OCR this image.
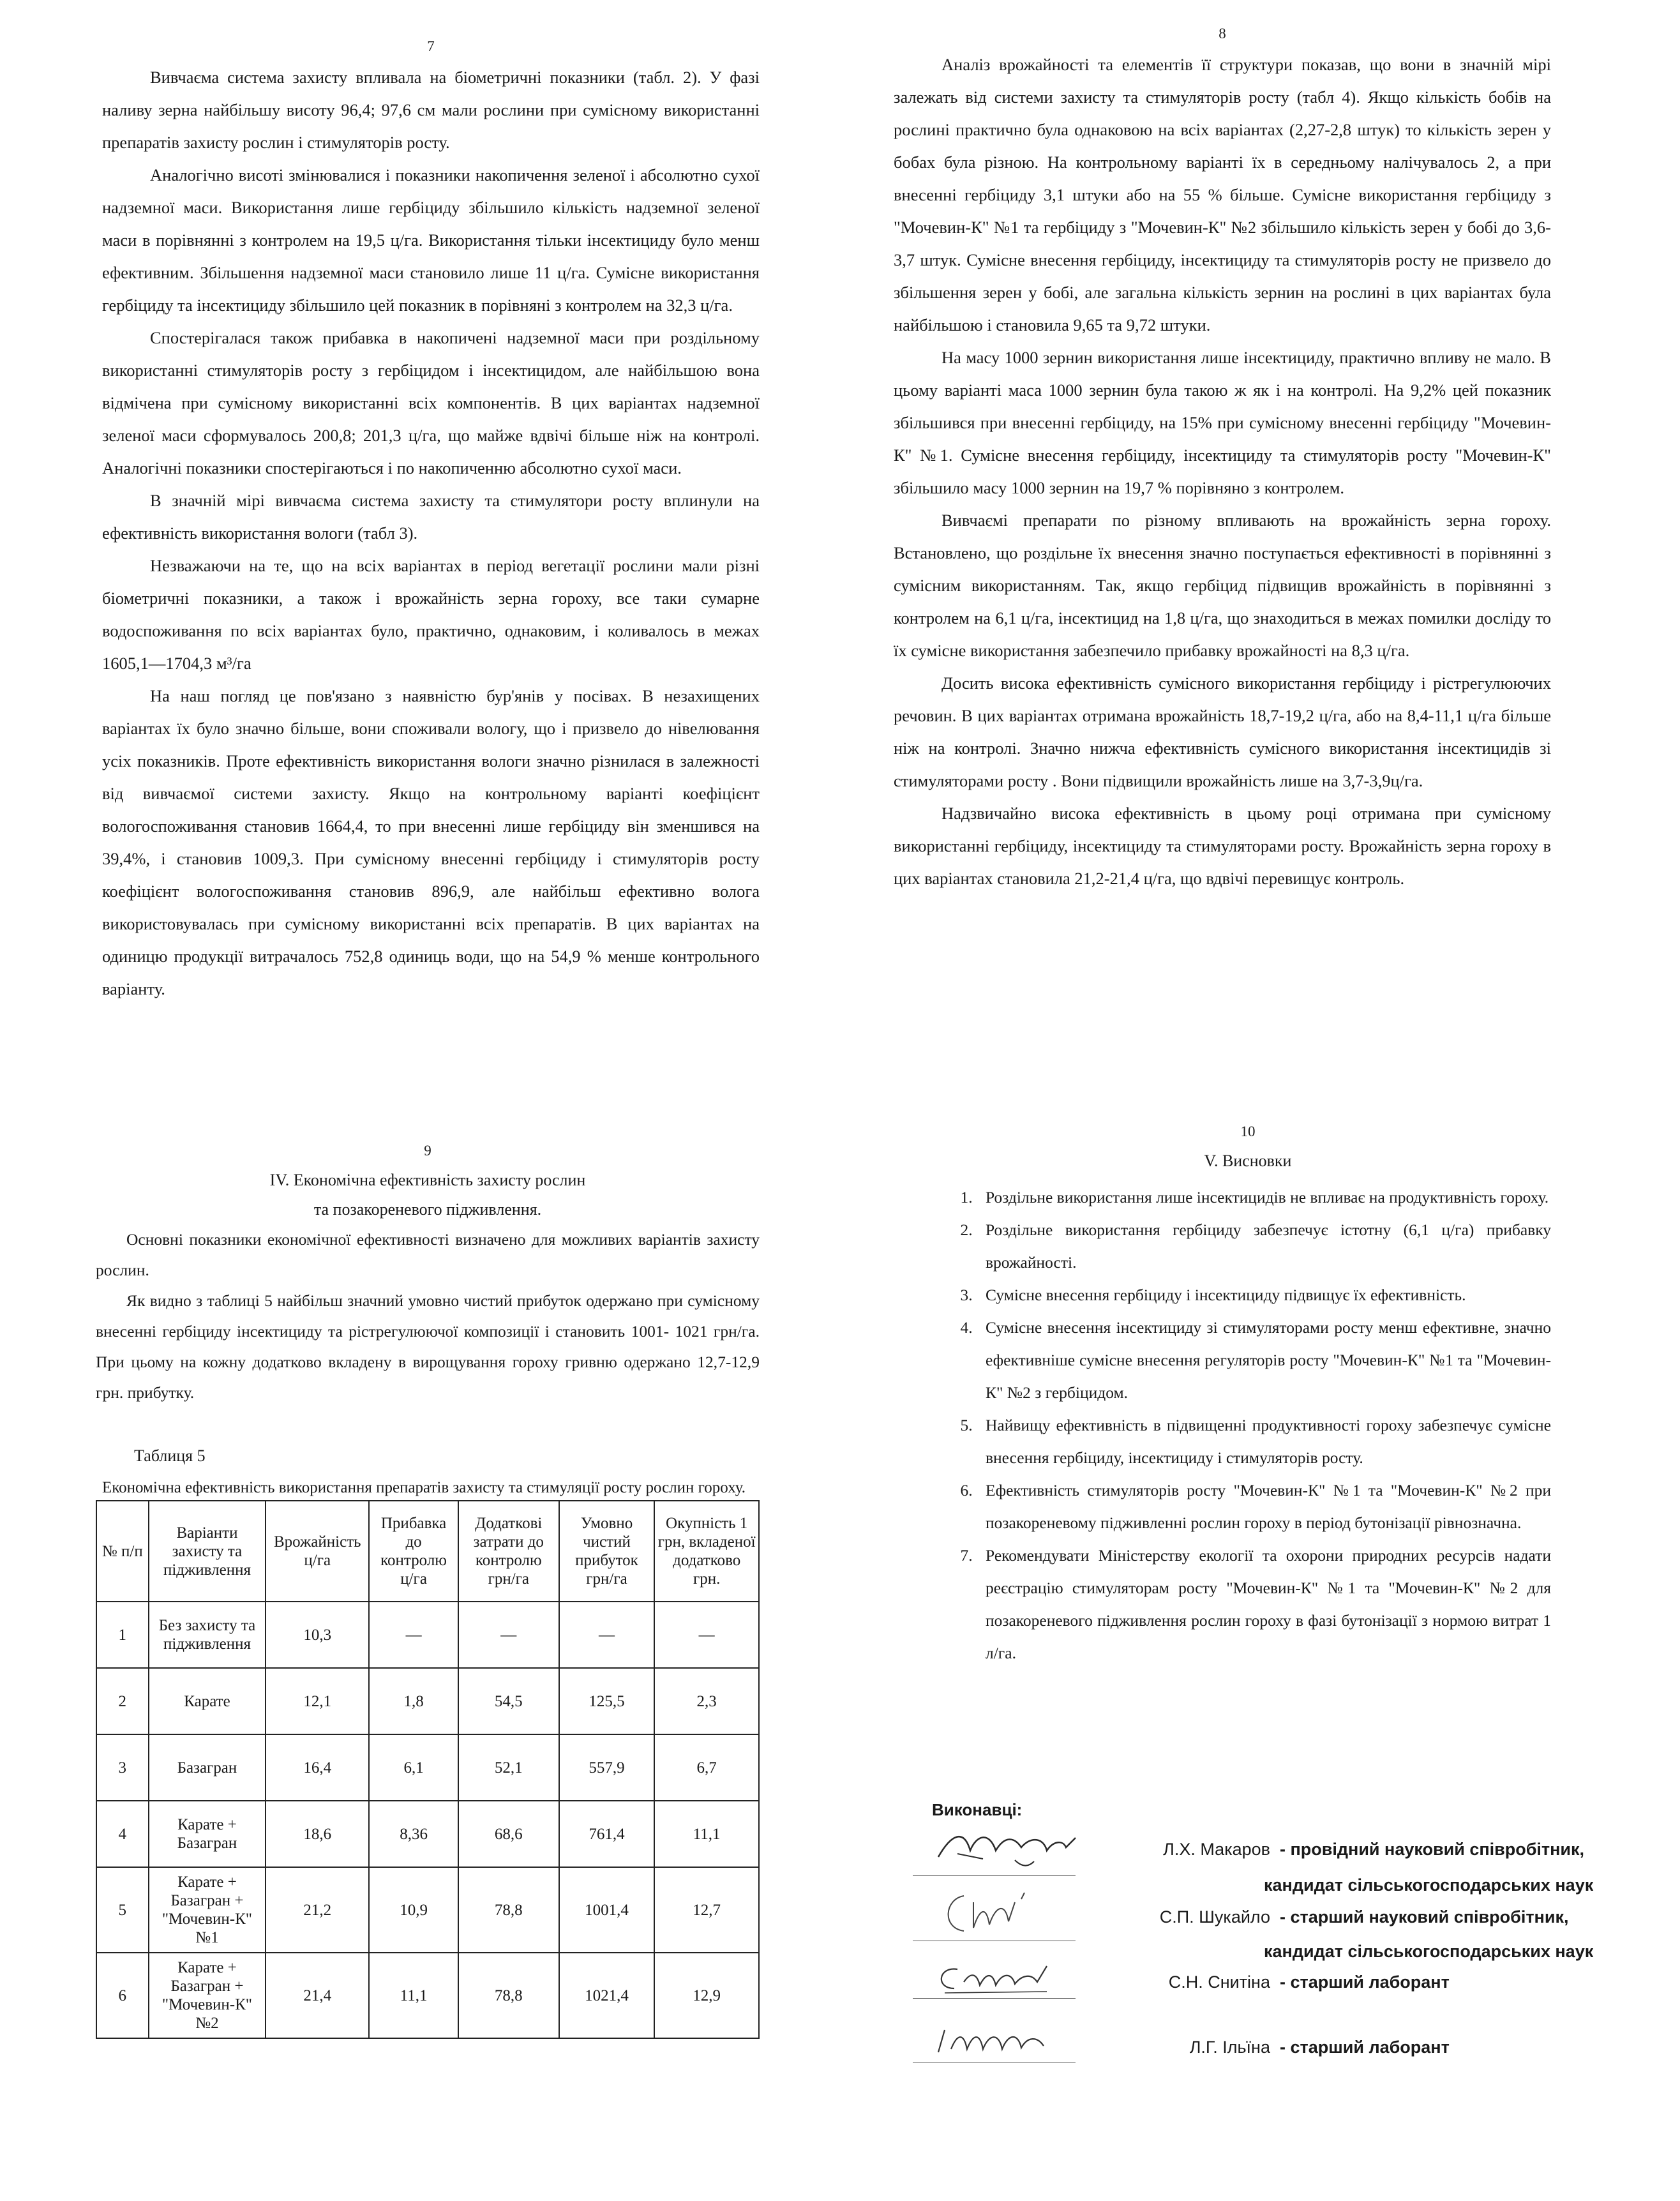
7

Вивчаєма система захисту впливала на біометричні показники (табл. 2). У фазі наливу зерна найбільшу висоту 96,4; 97,6 см мали рослини при сумісному використанні препаратів захисту рослин і стимуляторів росту.

Аналогічно висоті змінювалися і показники накопичення зеленої і абсолютно сухої надземної маси. Використання лише гербіциду збільшило кількість надземної зеленої маси в порівнянні з контролем на 19,5 ц/га. Використання тільки інсектициду було менш ефективним. Збільшення надземної маси становило лише 11 ц/га. Сумісне використання гербіциду та інсектициду збільшило цей показник в порівняні з контролем на 32,3 ц/га.

Спостерігалася також прибавка в накопичені надземної маси при роздільному використанні стимуляторів росту з гербіцидом і інсектицидом, але найбільшою вона відмічена при сумісному використанні всіх компонентів. В цих варіантах надземної зеленої маси сформувалось 200,8; 201,3 ц/га, що майже вдвічі більше ніж на контролі. Аналогічні показники спостерігаються і по накопиченню абсолютно сухої маси.

В значній мірі вивчаєма система захисту та стимулятори росту вплинули на ефективність використання вологи (табл 3).

Незважаючи на те, що на всіх варіантах в період вегетації рослини мали різні біометричні показники, а також і врожайність зерна гороху, все таки сумарне водоспоживання по всіх варіантах було, практично, однаковим, і коливалось в межах 1605,1—1704,3 м³/га

На наш погляд це пов'язано з наявністю бур'янів у посівах. В незахищених варіантах їх було значно більше, вони споживали вологу, що і призвело до нівелювання усіх показників. Проте ефективність використання вологи значно різнилася в залежності від вивчаємої системи захисту. Якщо на контрольному варіанті коефіцієнт вологоспоживання становив 1664,4, то при внесенні лише гербіциду він зменшився на 39,4%, і становив 1009,3. При сумісному внесенні гербіциду і стимуляторів росту коефіцієнт вологоспоживання становив 896,9, але найбільш ефективно волога використовувалась при сумісному використанні всіх препаратів. В цих варіантах на одиницю продукції витрачалось 752,8 одиниць води, що на 54,9 % менше контрольного варіанту.

8

Аналіз врожайності та елементів її структури показав, що вони в значній мірі залежать від системи захисту та стимуляторів росту (табл 4). Якщо кількість бобів на рослині практично була однаковою на всіх варіантах (2,27-2,8 штук) то кількість зерен у бобах була різною. На контрольному варіанті їх в середньому налічувалось 2, а при внесенні гербіциду 3,1 штуки або на 55 % більше. Сумісне використання гербіциду з "Мочевин-К" №1 та гербіциду з "Мочевин-К" №2 збільшило кількість зерен у бобі до 3,6-3,7 штук. Сумісне внесення гербіциду, інсектициду та стимуляторів росту не призвело до збільшення зерен у бобі, але загальна кількість зернин на рослині в цих варіантах була найбільшою і становила 9,65 та 9,72 штуки.

На масу 1000 зернин використання лише інсектициду, практично впливу не мало. В цьому варіанті маса 1000 зернин була такою ж як і на контролі. На 9,2% цей показник збільшився при внесенні гербіциду, на 15% при сумісному внесенні гербіциду "Мочевин-К" №1. Сумісне внесення гербіциду, інсектициду та стимуляторів росту "Мочевин-К" збільшило масу 1000 зернин на 19,7 % порівняно з контролем.

Вивчаємі препарати по різному впливають на врожайність зерна гороху. Встановлено, що роздільне їх внесення значно поступається ефективності в порівнянні з сумісним використанням. Так, якщо гербіцид підвищив врожайність в порівнянні з контролем на 6,1 ц/га, інсектицид на 1,8 ц/га, що знаходиться в межах помилки досліду то їх сумісне використання забезпечило прибавку врожайності на 8,3 ц/га.

Досить висока ефективність сумісного використання гербіциду і рістрегулюючих речовин. В цих варіантах отримана врожайність 18,7-19,2 ц/га, або на 8,4-11,1 ц/га більше ніж на контролі. Значно нижча ефективність сумісного використання інсектицидів зі стимуляторами росту . Вони підвищили врожайність лише на 3,7-3,9ц/га.

Надзвичайно висока ефективність в цьому році отримана при сумісному використанні гербіциду, інсектициду та стимуляторами росту. Врожайність зерна гороху в цих варіантах становила 21,2-21,4 ц/га, що вдвічі перевищує контроль.

9

IV. Економічна ефективність захисту рослин

та позакореневого підживлення.

Основні показники економічної ефективності визначено для можливих варіантів захисту рослин.

Як видно з таблиці 5 найбільш значний умовно чистий прибуток одержано при сумісному внесенні гербіциду інсектициду та рістрегулюючої композиції і становить 1001- 1021 грн/га. При цьому на кожну додатково вкладену в вирощування гороху гривню одержано 12,7-12,9 грн. прибутку.

Таблиця 5

Економічна ефективність використання препаратів захисту та стимуляції росту рослин гороху.

№ п/п	Варіанти захисту та підживлення	Врожайність ц/га	Прибавка до контролю ц/га	Додаткові затрати до контролю грн/га	Умовно чистий прибуток грн/га	Окупність 1 грн, вкладеної додатково грн.
1	Без захисту та підживлення	10,3	—	—	—	—
2	Карате	12,1	1,8	54,5	125,5	2,3
3	Базагран	16,4	6,1	52,1	557,9	6,7
4	Карате + Базагран	18,6	8,36	68,6	761,4	11,1
5	Карате + Базагран + "Мочевин-К" №1	21,2	10,9	78,8	1001,4	12,7
6	Карате + Базагран + "Мочевин-К" №2	21,4	11,1	78,8	1021,4	12,9
10

V. Висновки

1. Роздільне використання лише інсектицидів не впливає на продуктивність гороху.
2. Роздільне використання гербіциду забезпечує істотну (6,1 ц/га) прибавку врожайності.
3. Сумісне внесення гербіциду і інсектициду підвищує їх ефективність.
4. Сумісне внесення інсектициду зі стимуляторами росту менш ефективне, значно ефективніше сумісне внесення регуляторів росту "Мочевин-К" №1 та "Мочевин-К" №2 з гербіцидом.
5. Найвищу ефективність в підвищенні продуктивності гороху забезпечує сумісне внесення гербіциду, інсектициду і стимуляторів росту.
6. Ефективність стимуляторів росту "Мочевин-К" №1 та "Мочевин-К" №2 при позакореневому підживленні рослин гороху в період бутонізації рівнозначна.
7. Рекомендувати Міністерству екології та охорони природних ресурсів надати реєстрацію стимуляторам росту "Мочевин-К" №1 та "Мочевин-К" №2 для позакореневого підживлення рослин гороху в фазі бутонізації з нормою витрат 1 л/га.
Виконавці:
Л.Х. Макаров - провідний науковий співробітник,
кандидат сільськогосподарських наук
С.П. Шукайло - старший науковий співробітник,
кандидат сільськогосподарських наук
С.Н. Снитіна - старший лаборант
Л.Г. Ільїна - старший лаборант
